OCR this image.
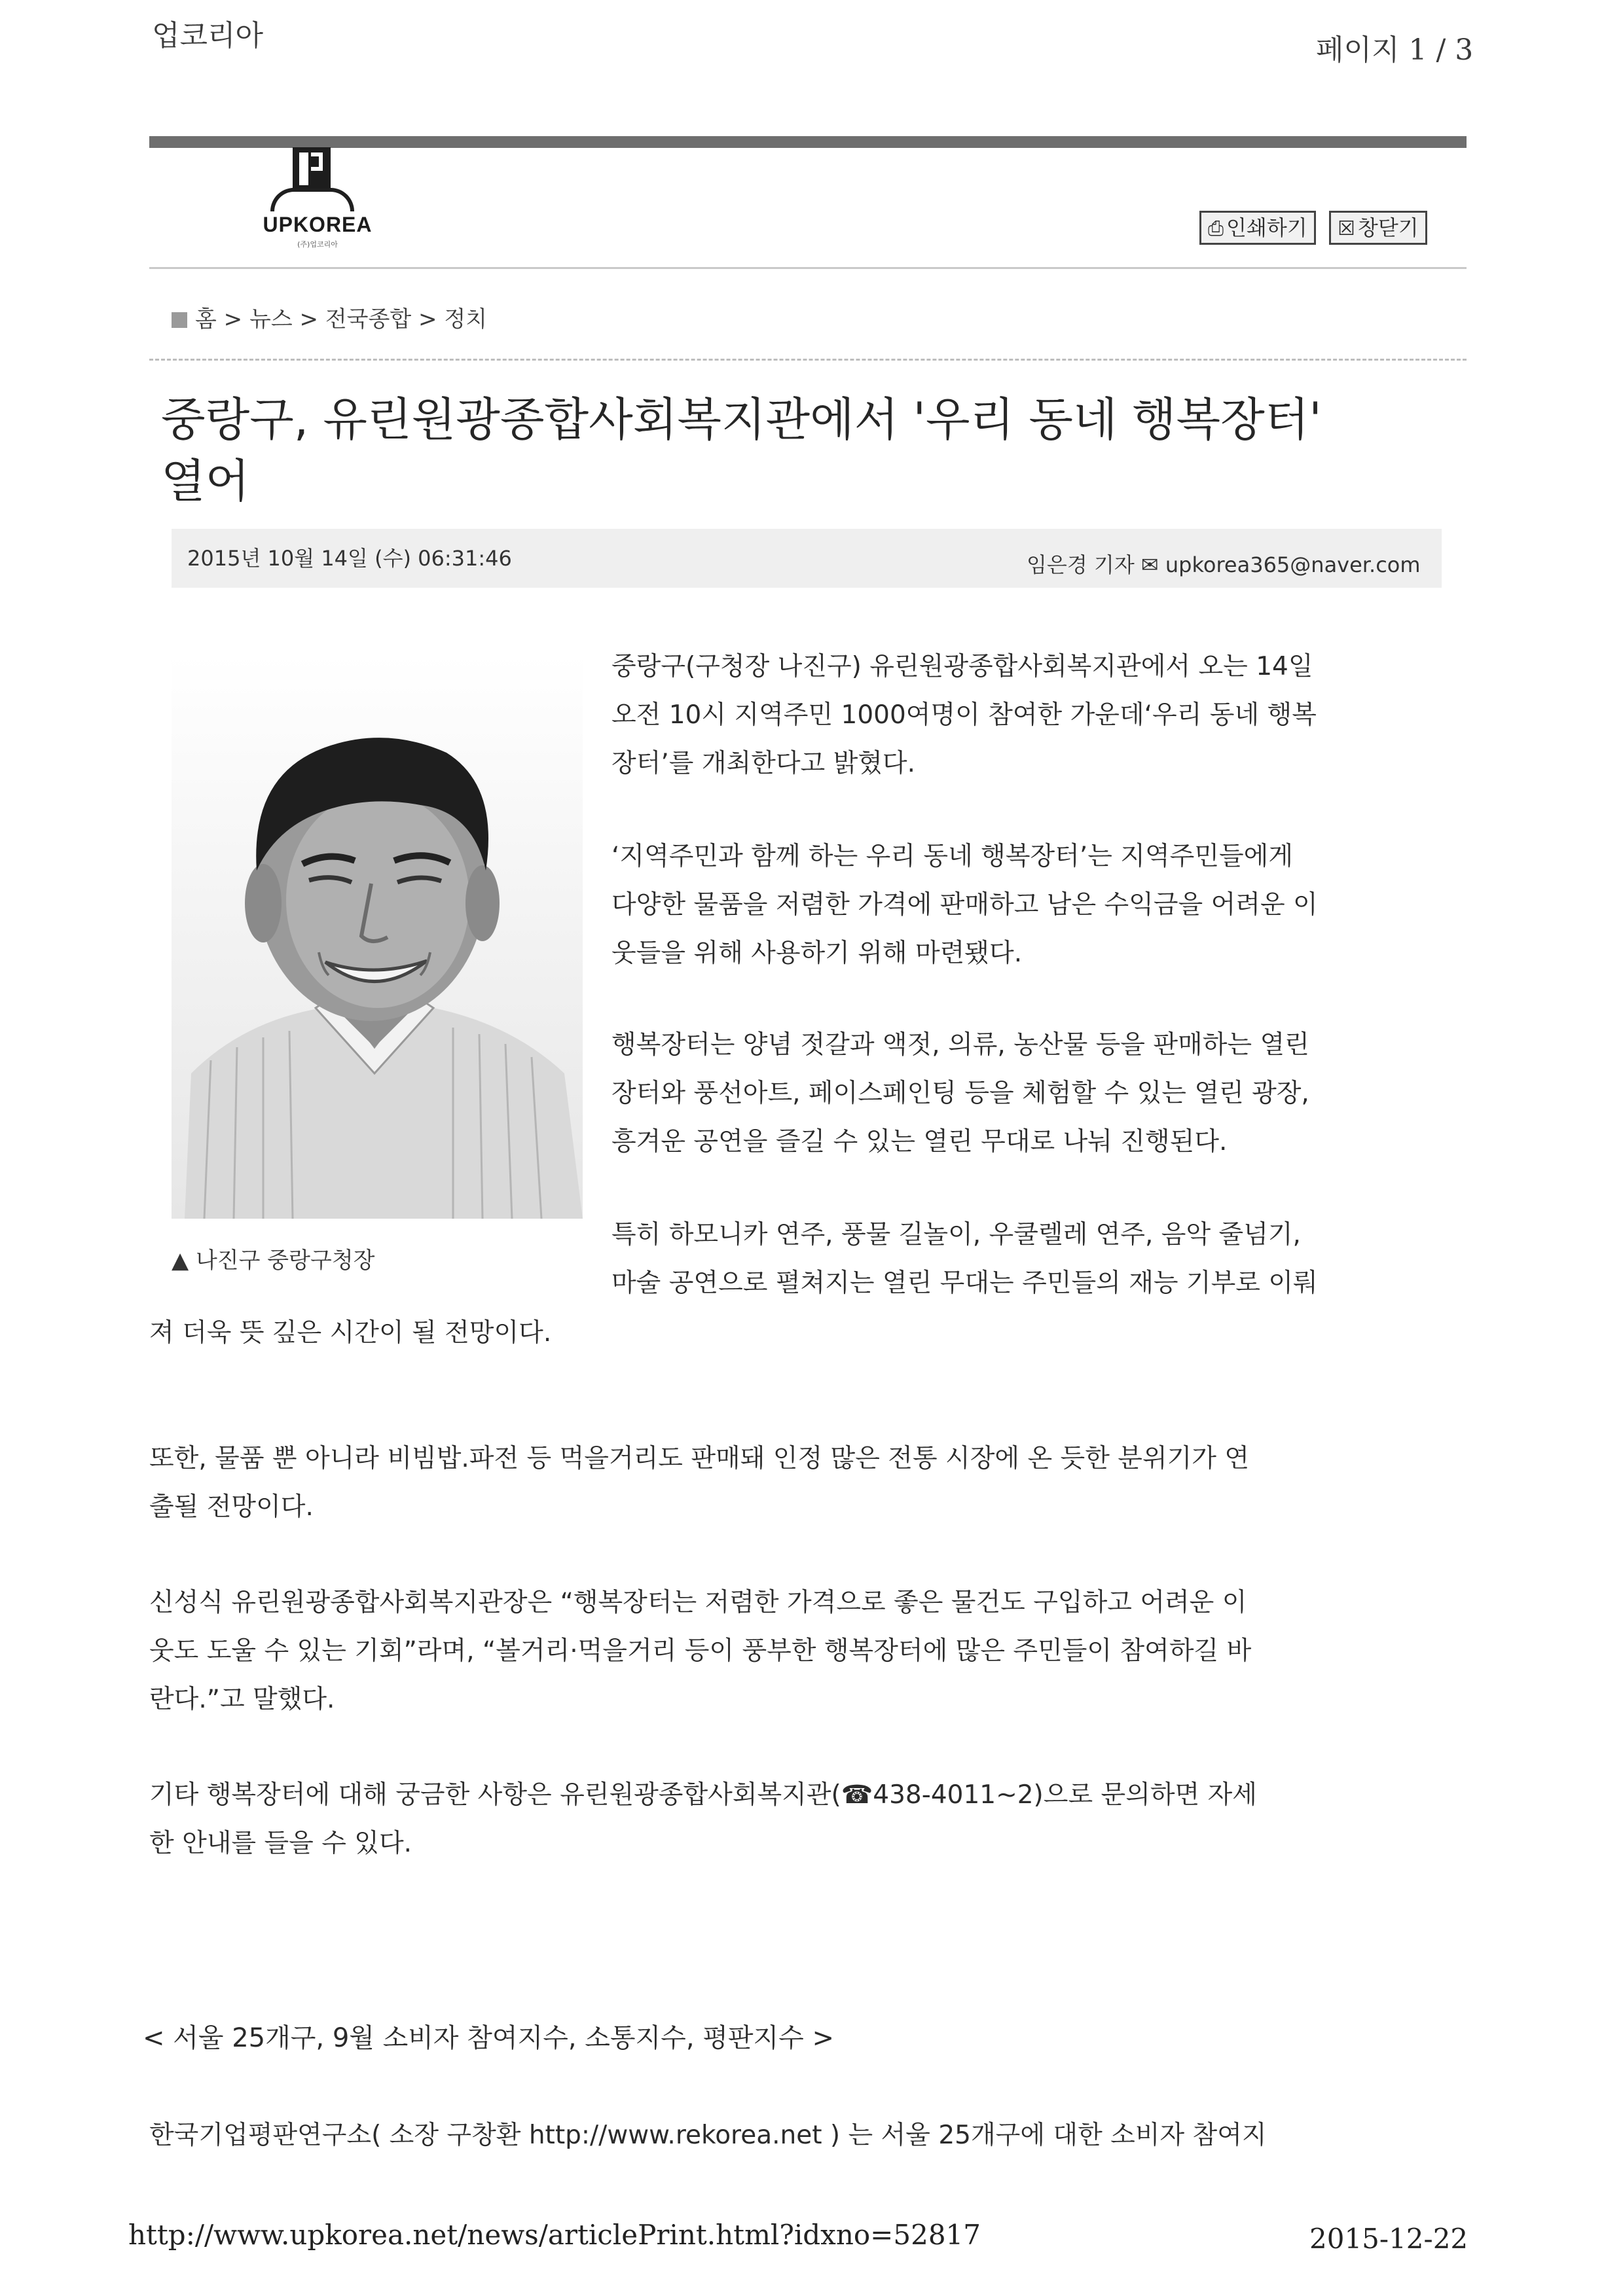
업코리아	페이지 1 / 3
UPKOREA
(주)업코리아
⎙ 인쇄하기	☒ 창닫기
홈 > 뉴스 > 전국종합 > 정치
중랑구, 유린원광종합사회복지관에서 '우리 동네 행복장터'
열어
2015년 10월 14일 (수) 06:31:46	임은경 기자 ✉ upkorea365@naver.com
▲ 나진구 중랑구청장
중랑구(구청장 나진구) 유린원광종합사회복지관에서 오는 14일
오전 10시 지역주민 1000여명이 참여한 가운데‘우리 동네 행복
장터’를 개최한다고 밝혔다.
‘지역주민과 함께 하는 우리 동네 행복장터’는 지역주민들에게
다양한 물품을 저렴한 가격에 판매하고 남은 수익금을 어려운 이
웃들을 위해 사용하기 위해 마련됐다.
행복장터는 양념 젓갈과 액젓, 의류, 농산물 등을 판매하는 열린
장터와 풍선아트, 페이스페인팅 등을 체험할 수 있는 열린 광장,
흥겨운 공연을 즐길 수 있는 열린 무대로 나눠 진행된다.
특히 하모니카 연주, 풍물 길놀이, 우쿨렐레 연주, 음악 줄넘기,
마술 공연으로 펼쳐지는 열린 무대는 주민들의 재능 기부로 이뤄
져 더욱 뜻 깊은 시간이 될 전망이다.
또한, 물품 뿐 아니라 비빔밥.파전 등 먹을거리도 판매돼 인정 많은 전통 시장에 온 듯한 분위기가 연
출될 전망이다.
신성식 유린원광종합사회복지관장은 “행복장터는 저렴한 가격으로 좋은 물건도 구입하고 어려운 이
웃도 도울 수 있는 기회”라며, “볼거리·먹을거리 등이 풍부한 행복장터에 많은 주민들이 참여하길 바
란다.”고 말했다.
기타 행복장터에 대해 궁금한 사항은 유린원광종합사회복지관(☎438-4011~2)으로 문의하면 자세
한 안내를 들을 수 있다.
< 서울 25개구, 9월 소비자 참여지수, 소통지수, 평판지수 >
한국기업평판연구소( 소장 구창환 http://www.rekorea.net ) 는 서울 25개구에 대한 소비자 참여지
http://www.upkorea.net/news/articlePrint.html?idxno=52817	2015-12-22
